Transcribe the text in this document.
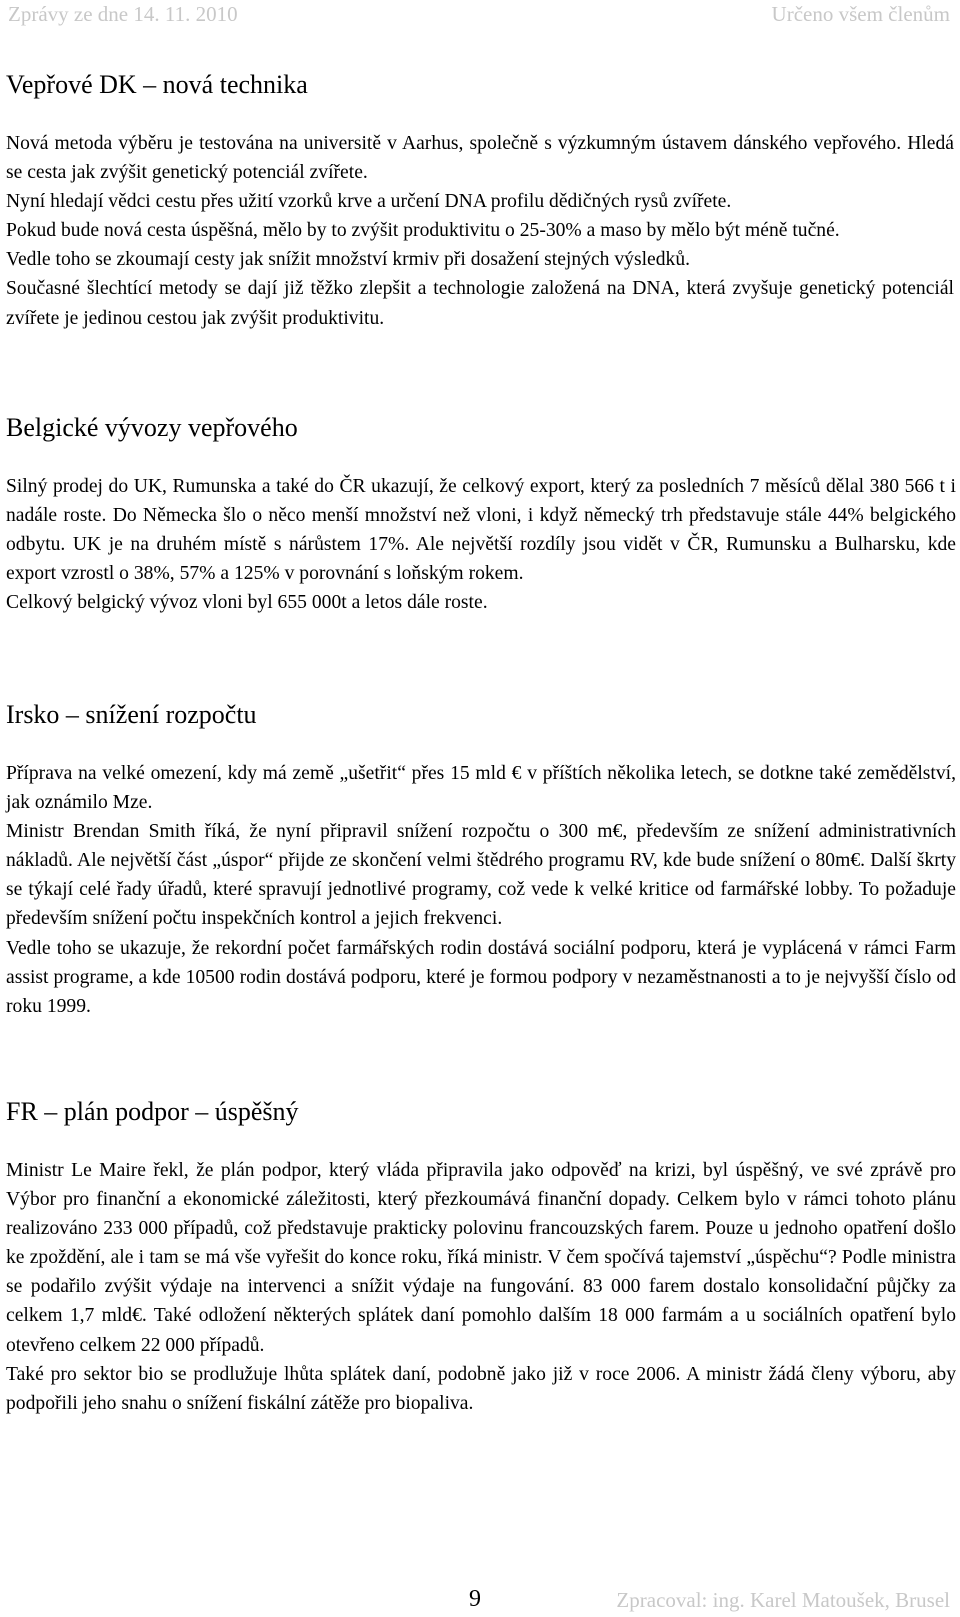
Zprávy ze dne 14. 11. 2010	Určeno všem členům
Vepřové DK – nová technika

Nová metoda výběru je testována na universitě v Aarhus, společně s výzkumným ústavem dánského vepřového. Hledá se cesta jak zvýšit genetický potenciál zvířete.

Nyní hledají vědci cestu přes užití vzorků krve a určení DNA profilu dědičných rysů zvířete.

Pokud bude nová cesta úspěšná, mělo by to zvýšit produktivitu o 25-30% a maso by mělo být méně tučné.

Vedle toho se zkoumají cesty jak snížit množství krmiv při dosažení stejných výsledků.

Současné šlechtící metody se dají již těžko zlepšit a technologie založená na DNA, která zvyšuje genetický potenciál zvířete je jedinou cestou jak zvýšit produktivitu.

Belgické vývozy vepřového

Silný prodej do UK, Rumunska a také do ČR ukazují, že celkový export, který za posledních 7 měsíců dělal 380 566 t i nadále roste. Do Německa šlo o něco menší množství než vloni, i když německý trh představuje stále 44% belgického odbytu. UK je na druhém místě s nárůstem 17%. Ale největší rozdíly jsou vidět v ČR, Rumunsku a Bulharsku, kde export vzrostl o 38%, 57% a 125% v porovnání s loňským rokem.

Celkový belgický vývoz vloni byl 655 000t a letos dále roste.

Irsko – snížení rozpočtu

Příprava na velké omezení, kdy má země „ušetřit“ přes 15 mld € v příštích několika letech, se dotkne také zemědělství, jak oznámilo Mze.

Ministr Brendan Smith říká, že nyní připravil snížení rozpočtu o 300 m€, především ze snížení administrativních nákladů. Ale největší část „úspor“ přijde ze skončení velmi štědrého programu RV, kde bude snížení o 80m€. Další škrty se týkají celé řady úřadů, které spravují jednotlivé programy, což vede k velké kritice od farmářské lobby. To požaduje především snížení počtu inspekčních kontrol a jejich frekvenci.

Vedle toho se ukazuje, že rekordní počet farmářských rodin dostává sociální podporu, která je vyplácená v rámci Farm assist programe, a kde 10500 rodin dostává podporu, které je formou podpory v nezaměstnanosti a to je nejvyšší číslo od roku 1999.

FR – plán podpor – úspěšný

Ministr Le Maire řekl, že plán podpor, který vláda připravila jako odpověď na krizi, byl úspěšný, ve své zprávě pro Výbor pro finanční a ekonomické záležitosti, který přezkoumává finanční dopady. Celkem bylo v rámci tohoto plánu realizováno 233 000 případů, což představuje prakticky polovinu francouzských farem. Pouze u jednoho opatření došlo ke zpoždění, ale i tam se má vše vyřešit do konce roku, říká ministr. V čem spočívá tajemství „úspěchu“? Podle ministra se podařilo zvýšit výdaje na intervenci a snížit výdaje na fungování. 83 000 farem dostalo konsolidační půjčky za celkem 1,7 mld€. Také odložení některých splátek daní pomohlo dalším 18 000 farmám a u sociálních opatření bylo otevřeno celkem 22 000 případů.

Také pro sektor bio se prodlužuje lhůta splátek daní, podobně jako již v roce 2006. A ministr žádá členy výboru, aby podpořili jeho snahu o snížení fiskální zátěže pro biopaliva.

9	Zpracoval: ing. Karel Matoušek, Brusel
